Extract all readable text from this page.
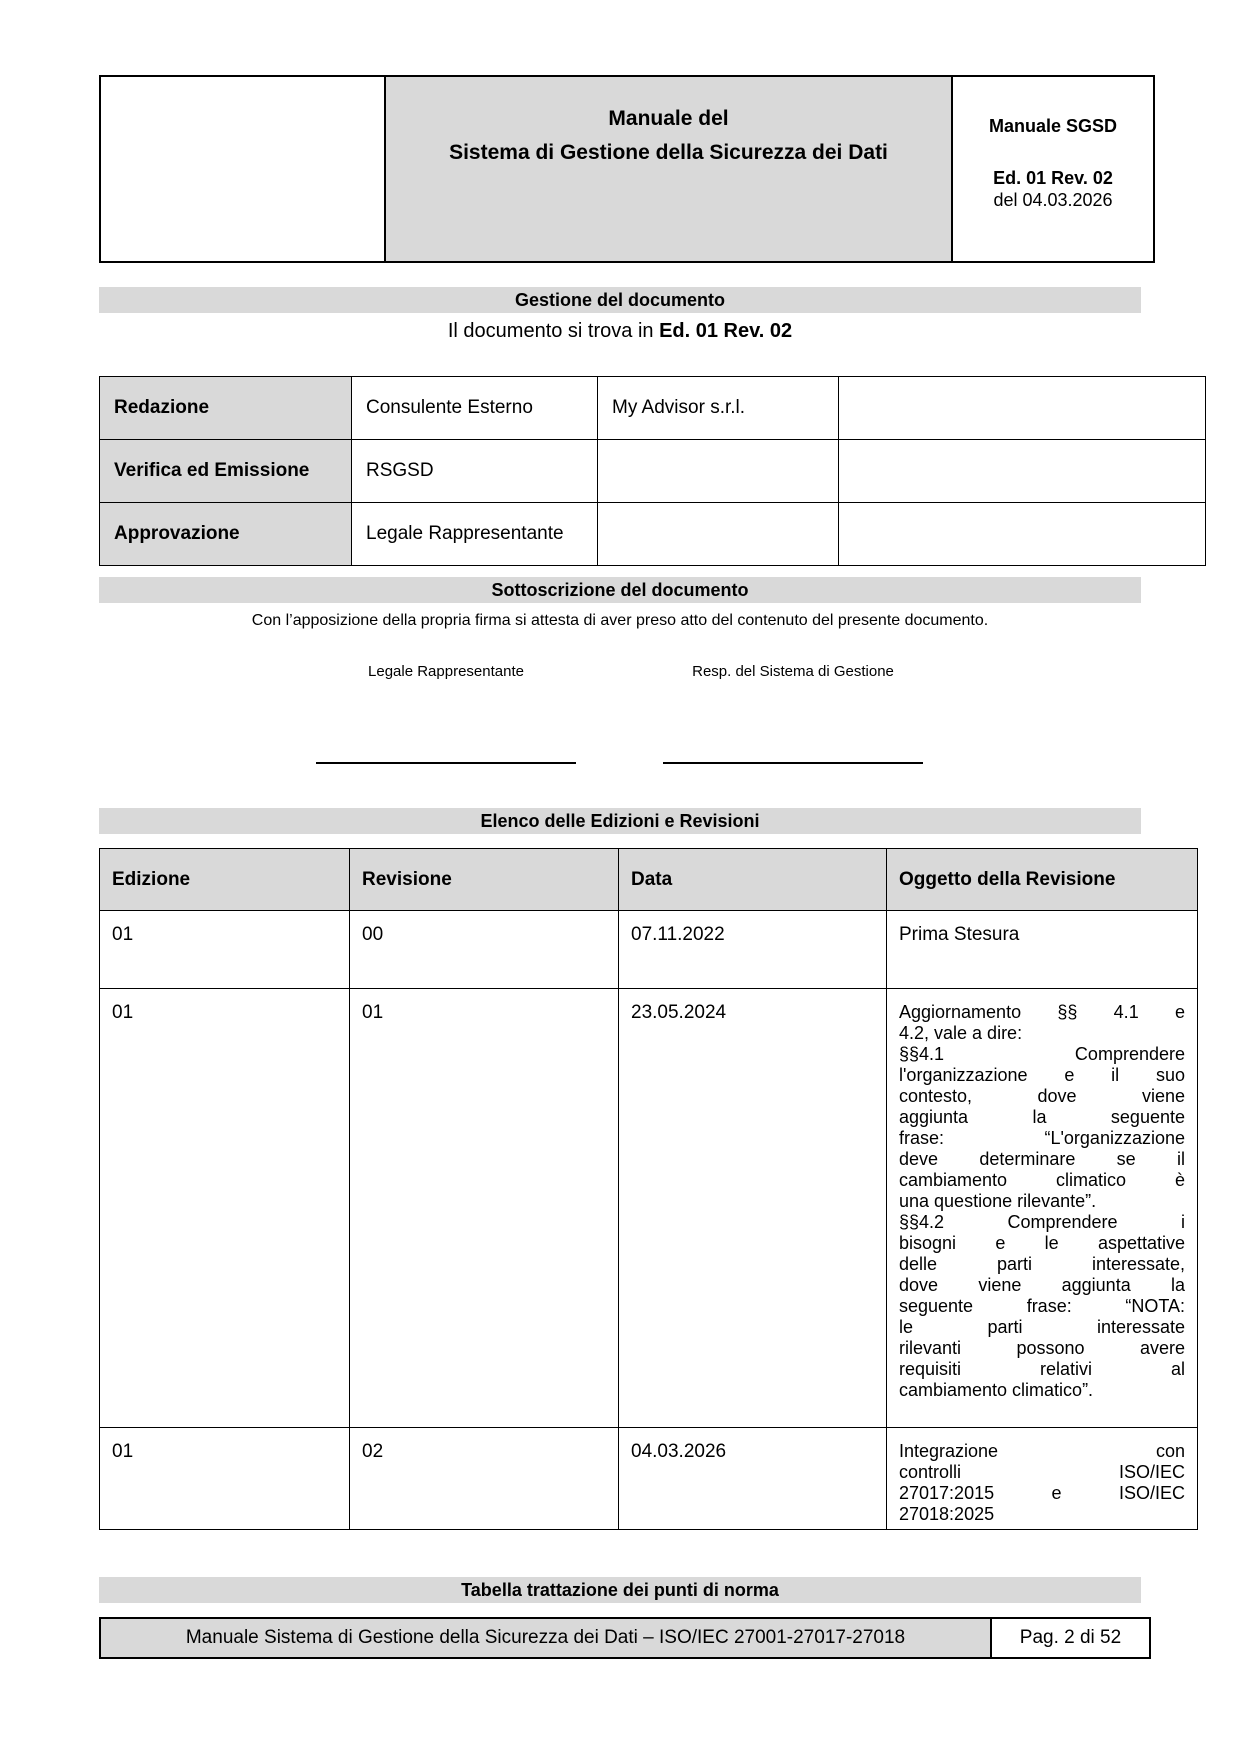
Manuale del
Sistema di Gestione della Sicurezza dei Dati

Manuale SGSD
Ed. 01 Rev. 02
del 04.03.2026
Gestione del documento
Il documento si trova in Ed. 01 Rev. 02
Redazione	Consulente Esterno	My Advisor s.r.l.	
Verifica ed Emissione	RSGSD		
Approvazione	Legale Rappresentante		
Sottoscrizione del documento
Con l’apposizione della propria firma si attesta di aver preso atto del contenuto del presente documento.
Legale Rappresentante	Resp. del Sistema di Gestione
Elenco delle Edizioni e Revisioni
Edizione	Revisione	Data	Oggetto della Revisione
01	00	07.11.2022	Prima Stesura
01	01	23.05.2024	Aggiornamento §§ 4.1 e
4.2, vale a dire:
§§4.1 Comprendere
l'organizzazione e il suo
contesto, dove viene
aggiunta la seguente
frase: “L'organizzazione
deve determinare se il
cambiamento climatico è
una questione rilevante”.
§§4.2 Comprendere i
bisogni e le aspettative
delle parti interessate,
dove viene aggiunta la
seguente frase: “NOTA:
le parti interessate
rilevanti possono avere
requisiti relativi al
cambiamento climatico”.

01	02	04.03.2026	Integrazione con
controlli ISO/IEC
27017:2015 e ISO/IEC
27018:2025
Tabella trattazione dei punti di norma
Manuale Sistema di Gestione della Sicurezza dei Dati – ISO/IEC 27001-27017-27018	Pag. 2 di 52
